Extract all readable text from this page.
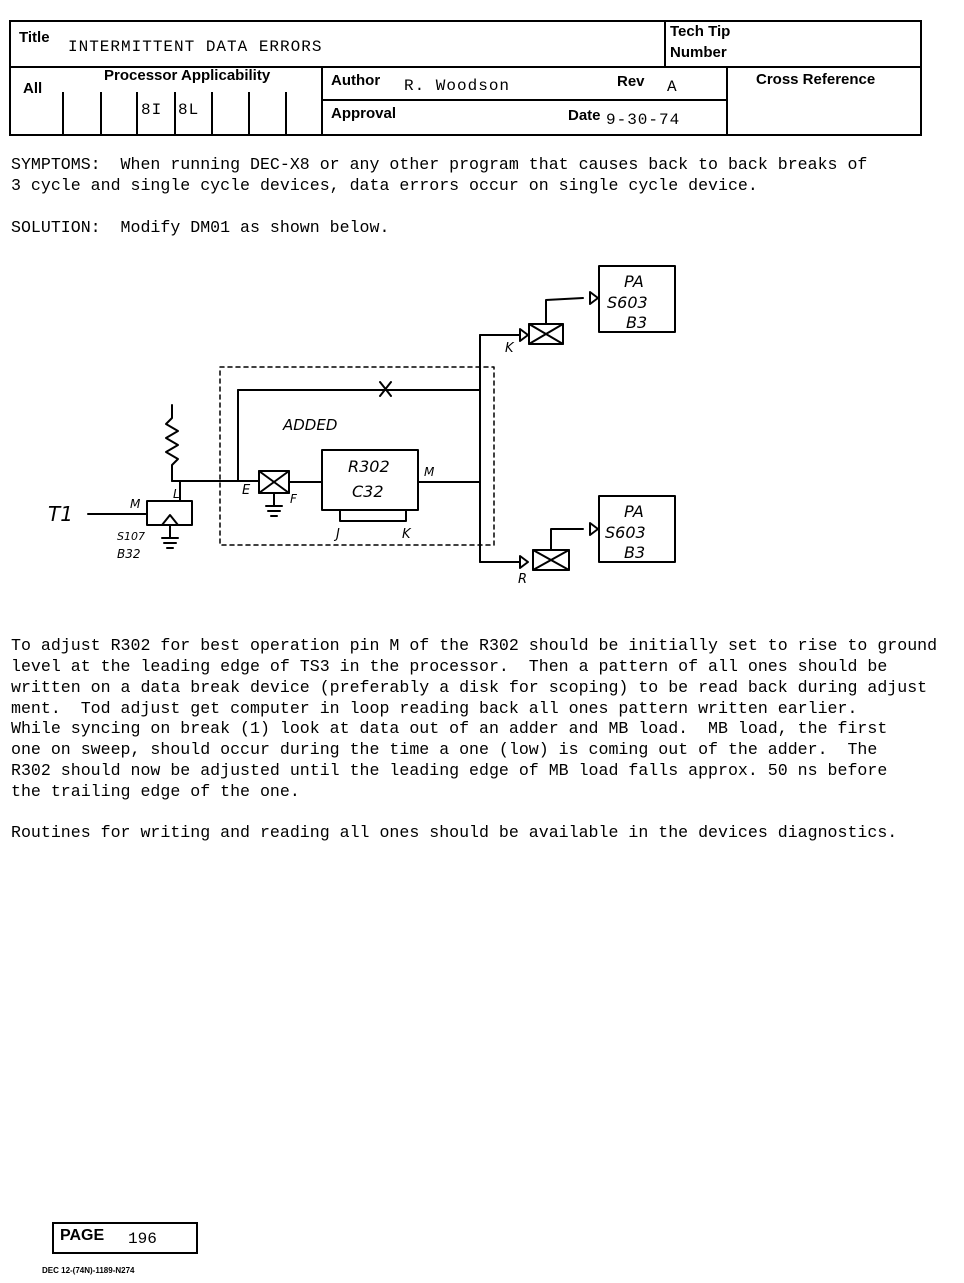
Title
INTERMITTENT DATA ERRORS
Tech Tip
Number
Processor Applicability
All
8I 8L
Author R. Woodson	Rev A	Cross Reference
Approval	Date 9-30-74
SYMPTOMS:  When running DEC-X8 or any other program that causes back to back breaks of
3 cycle and single cycle devices, data errors occur on single cycle device.
SOLUTION:  Modify DM01 as shown below.
ADDED
T1	M
L
S107
B32
E
F
R302
C32
M
J	K
K
R
PA
S603
B3
PA
S603
B3
To adjust R302 for best operation pin M of the R302 should be initially set to rise to ground
level at the leading edge of TS3 in the processor.  Then a pattern of all ones should be
written on a data break device (preferably a disk for scoping) to be read back during adjust
ment.  Tod adjust get computer in loop reading back all ones pattern written earlier.
While syncing on break (1) look at data out of an adder and MB load.  MB load, the first
one on sweep, should occur during the time a one (low) is coming out of the adder.  The
R302 should now be adjusted until the leading edge of MB load falls approx. 50 ns before
the trailing edge of the one.
Routines for writing and reading all ones should be available in the devices diagnostics.
PAGE 196
DEC 12-(74N)-1189-N274
